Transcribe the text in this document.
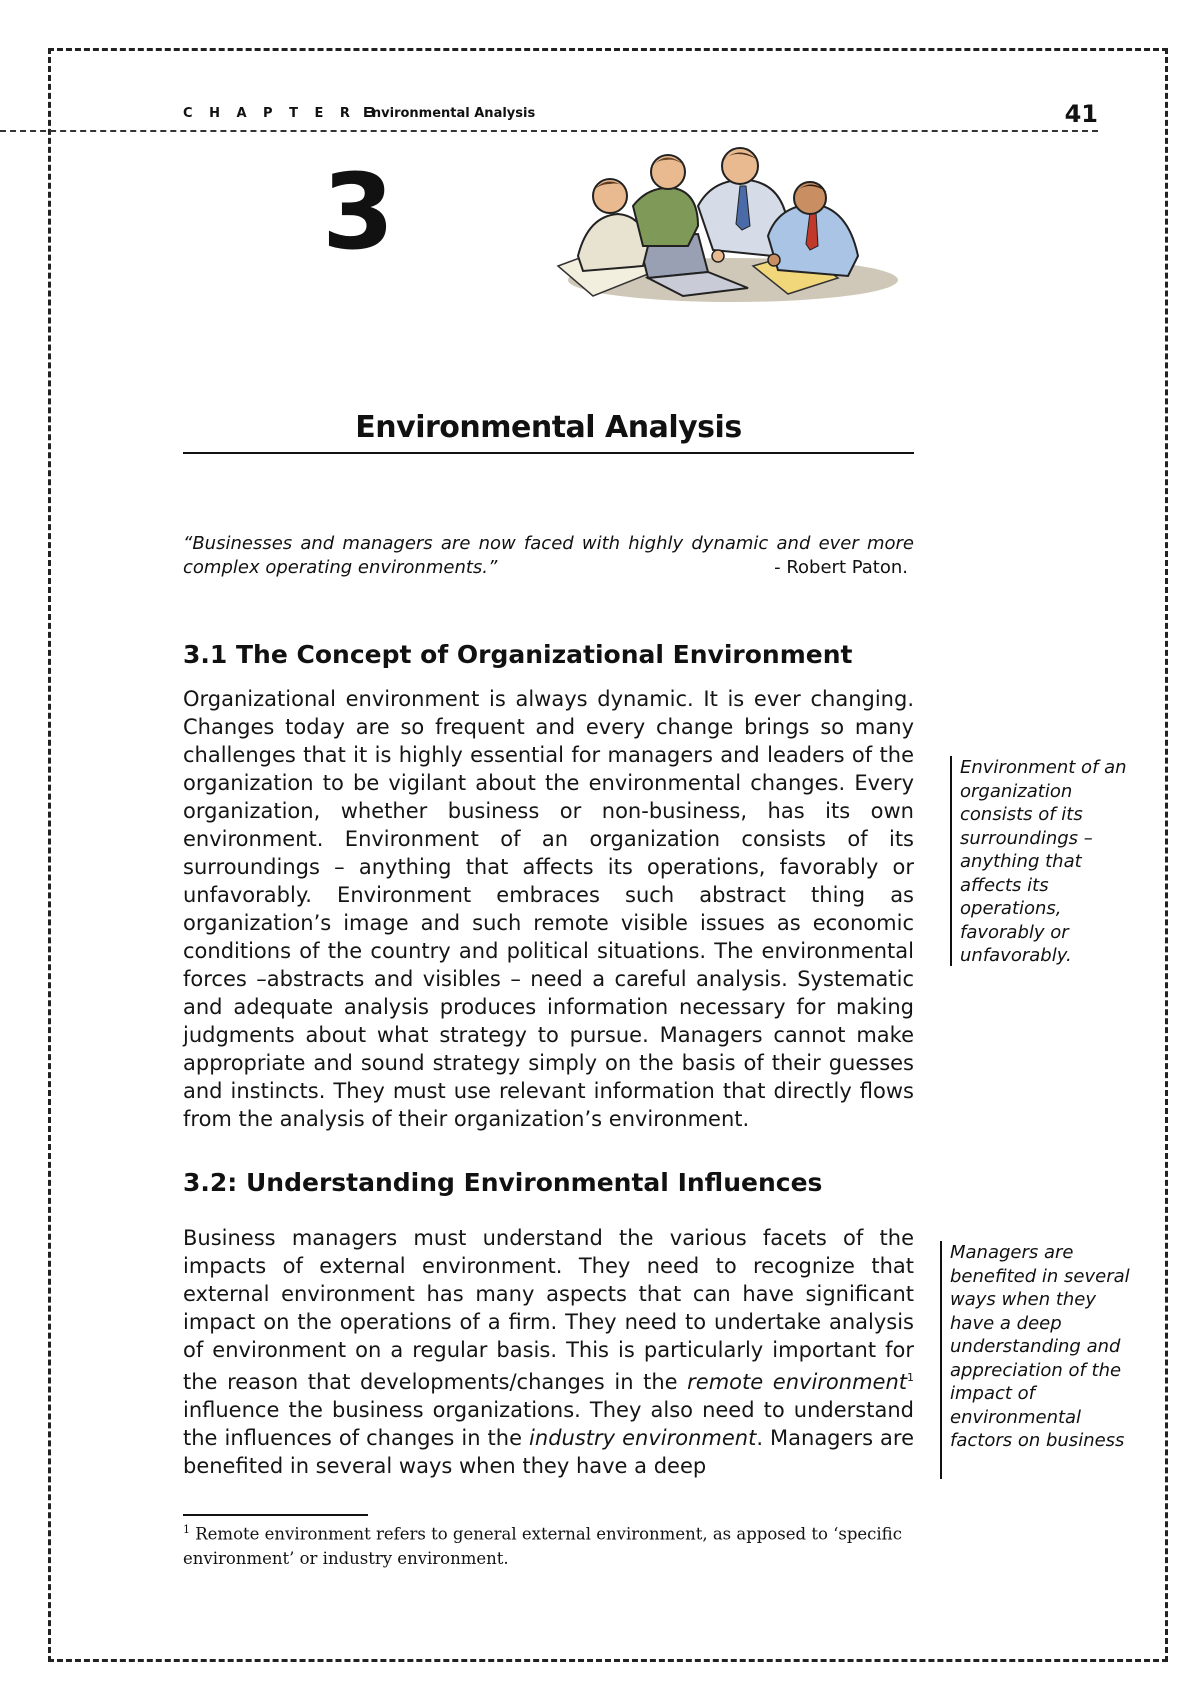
C H A P T E R 3
Environmental Analysis	41
3
Environmental Analysis
“Businesses and managers are now faced with highly dynamic and ever more complex operating environments.”	- Robert Paton.
3.1 The Concept of Organizational Environment
Organizational environment is always dynamic. It is ever changing. Changes today are so frequent and every change brings so many challenges that it is highly essential for managers and leaders of the organization to be vigilant about the environmental changes. Every organization, whether business or non-business, has its own environment. Environment of an organization consists of its surroundings – anything that affects its operations, favorably or unfavorably. Environment embraces such abstract thing as organization’s image and such remote visible issues as economic conditions of the country and political situations. The environmental forces –abstracts and visibles – need a careful analysis. Systematic and adequate analysis produces information necessary for making judgments about what strategy to pursue. Managers cannot make appropriate and sound strategy simply on the basis of their guesses and instincts. They must use relevant information that directly flows from the analysis of their organization’s environment.
Environment of an organization consists of its surroundings – anything that affects its operations, favorably or unfavorably.
3.2: Understanding Environmental Influences
Business managers must understand the various facets of the impacts of external environment. They need to recognize that external environment has many aspects that can have significant impact on the operations of a firm. They need to undertake analysis of environment on a regular basis. This is particularly important for the reason that developments/changes in the remote environment$^1$ influence the business organizations. They also need to understand the influences of changes in the industry environment. Managers are benefited in several ways when they have a deep
Managers are benefited in several ways when they have a deep understanding and appreciation of the impact of environmental factors on business
$^1$ Remote environment refers to general external environment, as apposed to ‘specific environment’ or industry environment.
